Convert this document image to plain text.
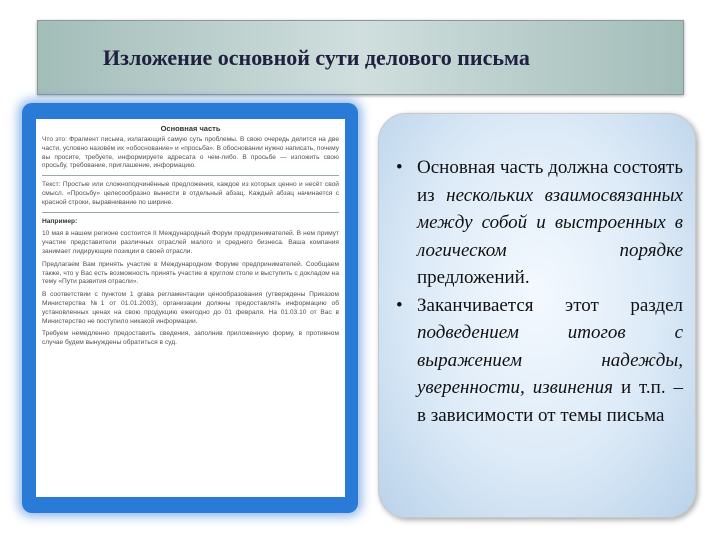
Изложение основной сути делового письма
Основная часть

Что это: Фрагмент письма, излагающий самую суть проблемы. В свою очередь делится на две части, условно назовём их «обоснование» и «просьба». В обосновании нужно написать, почему вы просите, требуете, информируете адресата о чем-либо. В просьбе — изложить свою просьбу, требование, приглашение, информацию.

Текст: Простые или сложноподчинённые предложения, каждое из которых ценно и несёт свой смысл. «Просьбу» целесообразно вынести в отдельный абзац. Каждый абзац начинается с красной строки, выравнивание по ширине.

Например:

10 мая в нашем регионе состоится II Международный Форум предпринимателей. В нем примут участие представители различных отраслей малого и среднего бизнеса. Ваша компания занимает лидирующие позиции в своей отрасли.

Предлагаем Вам принять участие в Международном Форуме предпринимателей. Сообщаем также, что у Вас есть возможность принять участие в круглом столе и выступить с докладом на тему «Пути развития отрасли».

В соответствии с пунктом 1 graвa регламентации ценообразования (утверждены Приказом Министерства №1 от 01.01.2003), организации должны предоставлять информацию об установленных ценах на свою продукцию ежегодно до 01 февраля. На 01.03.10 от Вас в Министерство не поступило никакой информации.

Требуем немедленно предоставить сведения, заполнив приложенную форму, в противном случае будем вынуждены обратиться в суд.

• Основная часть должна состоять из нескольких взаимосвязанных между собой и выстроенных в логическом порядке предложений.
• Заканчивается этот раздел подведением итогов с выражением надежды, уверенности, извинения и т.п. – в зависимости от темы письма
